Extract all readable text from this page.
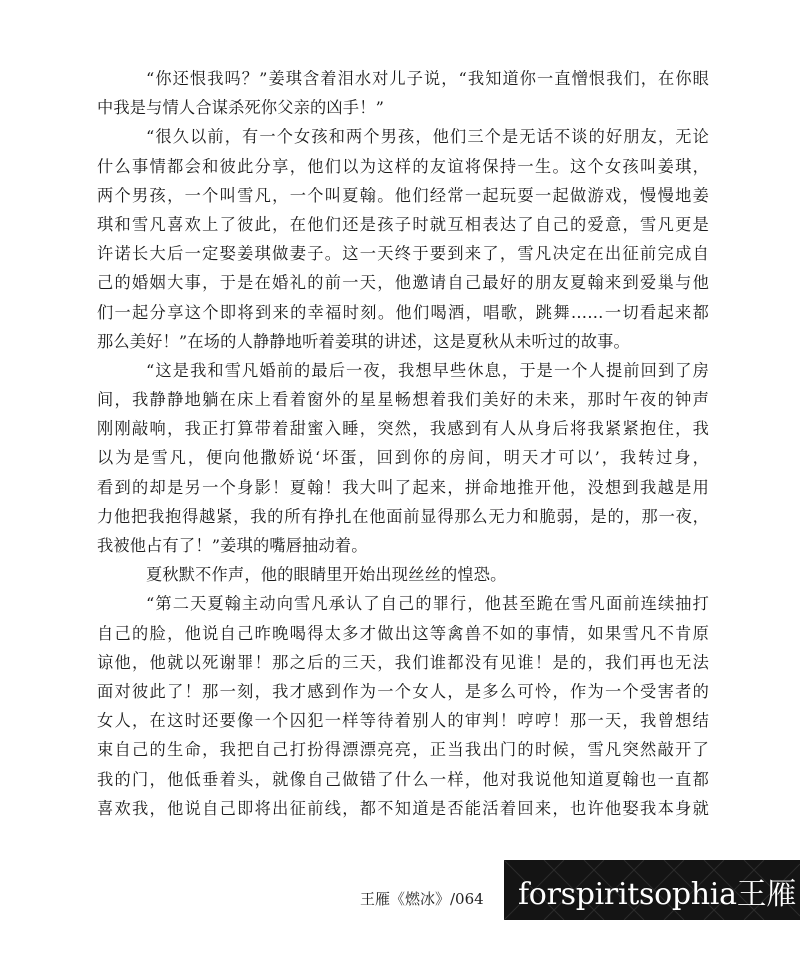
“你还恨我吗？”姜琪含着泪水对儿子说，“我知道你一直憎恨我们，在你眼
中我是与情人合谋杀死你父亲的凶手！”
“很久以前，有一个女孩和两个男孩，他们三个是无话不谈的好朋友，无论
什么事情都会和彼此分享，他们以为这样的友谊将保持一生。这个女孩叫姜琪，
两个男孩，一个叫雪凡，一个叫夏翰。他们经常一起玩耍一起做游戏，慢慢地姜
琪和雪凡喜欢上了彼此，在他们还是孩子时就互相表达了自己的爱意，雪凡更是
许诺长大后一定娶姜琪做妻子。这一天终于要到来了，雪凡决定在出征前完成自
己的婚姻大事，于是在婚礼的前一天，他邀请自己最好的朋友夏翰来到爱巢与他
们一起分享这个即将到来的幸福时刻。他们喝酒，唱歌，跳舞……一切看起来都
那么美好！”在场的人静静地听着姜琪的讲述，这是夏秋从未听过的故事。
“这是我和雪凡婚前的最后一夜，我想早些休息，于是一个人提前回到了房
间，我静静地躺在床上看着窗外的星星畅想着我们美好的未来，那时午夜的钟声
刚刚敲响，我正打算带着甜蜜入睡，突然，我感到有人从身后将我紧紧抱住，我
以为是雪凡，便向他撒娇说‘坏蛋，回到你的房间，明天才可以’，我转过身，
看到的却是另一个身影！夏翰！我大叫了起来，拼命地推开他，没想到我越是用
力他把我抱得越紧，我的所有挣扎在他面前显得那么无力和脆弱，是的，那一夜，
我被他占有了！”姜琪的嘴唇抽动着。
夏秋默不作声，他的眼睛里开始出现丝丝的惶恐。
“第二天夏翰主动向雪凡承认了自己的罪行，他甚至跪在雪凡面前连续抽打
自己的脸，他说自己昨晚喝得太多才做出这等禽兽不如的事情，如果雪凡不肯原
谅他，他就以死谢罪！那之后的三天，我们谁都没有见谁！是的，我们再也无法
面对彼此了！那一刻，我才感到作为一个女人，是多么可怜，作为一个受害者的
女人，在这时还要像一个囚犯一样等待着别人的审判！哼哼！那一天，我曾想结
束自己的生命，我把自己打扮得漂漂亮亮，正当我出门的时候，雪凡突然敲开了
我的门，他低垂着头，就像自己做错了什么一样，他对我说他知道夏翰也一直都
喜欢我，他说自己即将出征前线，都不知道是否能活着回来，也许他娶我本身就
王雁《燃冰》/064 forspiritsophia王雁
